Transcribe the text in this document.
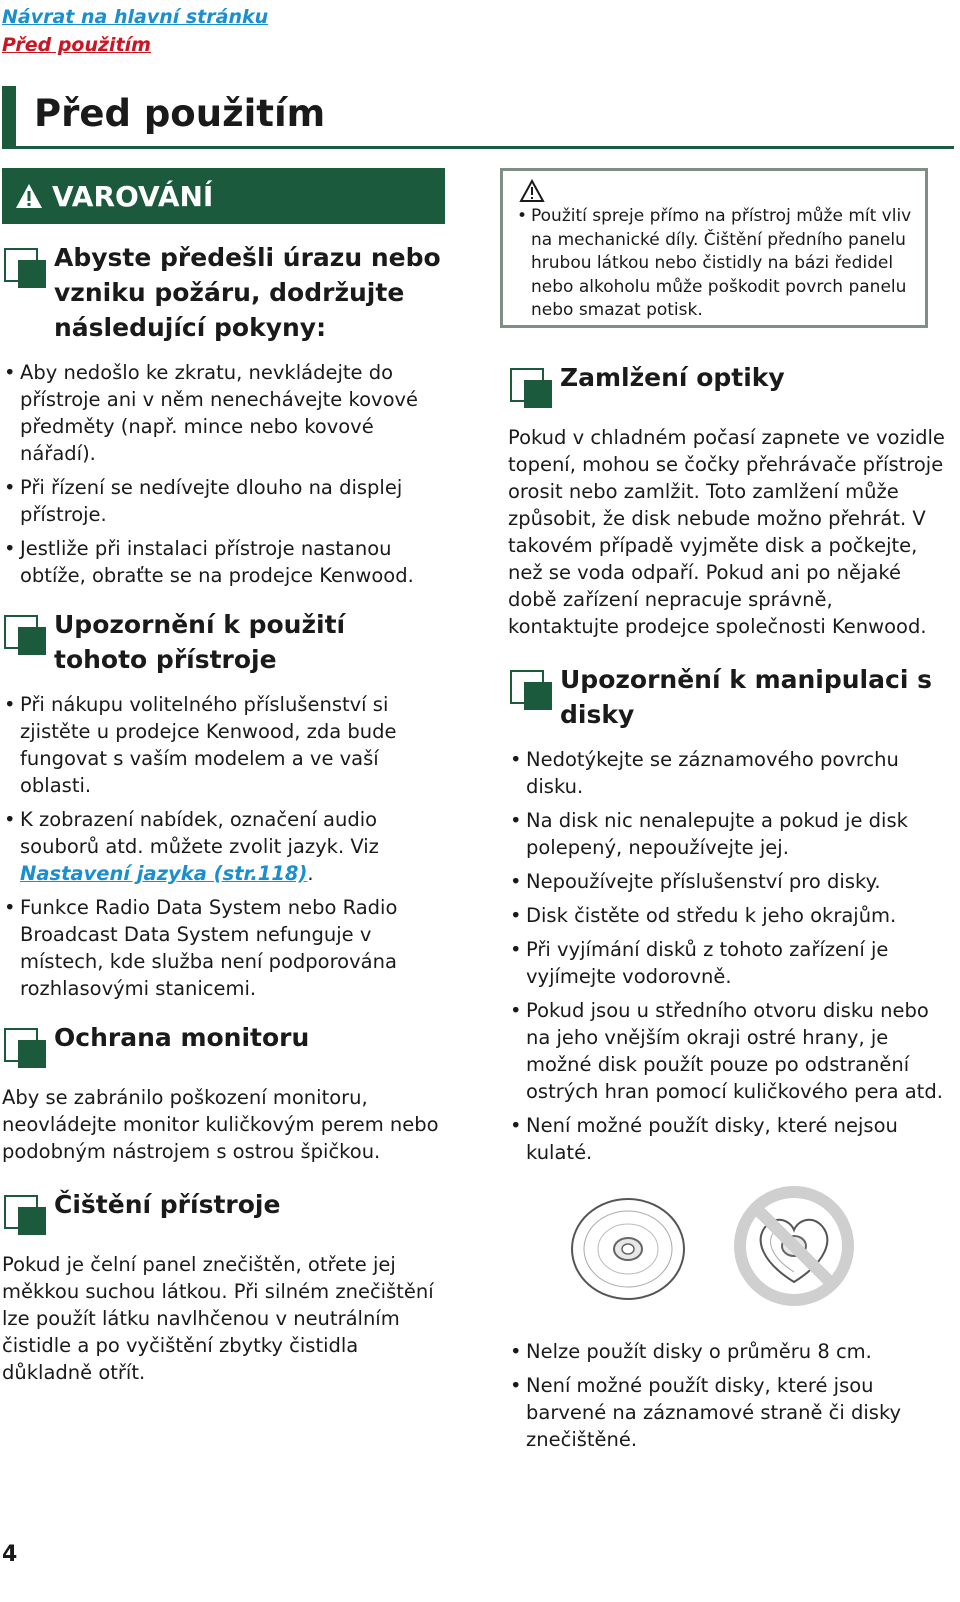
Návrat na hlavní stránku
Před použitím
Před použitím
VAROVÁNÍ
Abyste předešli úrazu nebo vzniku požáru, dodržujte následující pokyny:
• Aby nedošlo ke zkratu, nevkládejte do přístroje ani v něm nenechávejte kovové předměty (např. mince nebo kovové nářadí).
• Při řízení se nedívejte dlouho na displej přístroje.
• Jestliže při instalaci přístroje nastanou obtíže, obraťte se na prodejce Kenwood.
Upozornění k použití tohoto přístroje
• Při nákupu volitelného příslušenství si zjistěte u prodejce Kenwood, zda bude fungovat s vaším modelem a ve vaší oblasti.
• K zobrazení nabídek, označení audio souborů atd. můžete zvolit jazyk. Viz Nastavení jazyka (str.118).
• Funkce Radio Data System nebo Radio Broadcast Data System nefunguje v místech, kde služba není podporována rozhlasovými stanicemi.
Ochrana monitoru

Aby se zabránilo poškození monitoru, neovládejte monitor kuličkovým perem nebo podobným nástrojem s ostrou špičkou.

Čištění přístroje

Pokud je čelní panel znečištěn, otřete jej měkkou suchou látkou. Při silném znečištění lze použít látku navlhčenou v neutrálním čistidle a po vyčištění zbytky čistidla důkladně otřít.

• Použití spreje přímo na přístroj může mít vliv na mechanické díly. Čištění předního panelu hrubou látkou nebo čistidly na bázi ředidel nebo alkoholu může poškodit povrch panelu nebo smazat potisk.
Zamlžení optiky

Pokud v chladném počasí zapnete ve vozidle topení, mohou se čočky přehrávače přístroje orosit nebo zamlžit. Toto zamlžení může způsobit, že disk nebude možno přehrát. V takovém případě vyjměte disk a počkejte, než se voda odpaří. Pokud ani po nějaké době zařízení nepracuje správně, kontaktujte prodejce společnosti Kenwood.

Upozornění k manipulaci s disky
• Nedotýkejte se záznamového povrchu disku.
• Na disk nic nenalepujte a pokud je disk polepený, nepoužívejte jej.
• Nepoužívejte příslušenství pro disky.
• Disk čistěte od středu k jeho okrajům.
• Při vyjímání disků z tohoto zařízení je vyjímejte vodorovně.
• Pokud jsou u středního otvoru disku nebo na jeho vnějším okraji ostré hrany, je možné disk použít pouze po odstranění ostrých hran pomocí kuličkového pera atd.
• Není možné použít disky, které nejsou kulaté.
• Nelze použít disky o průměru 8 cm.
• Není možné použít disky, které jsou barvené na záznamové straně či disky znečištěné.
4
